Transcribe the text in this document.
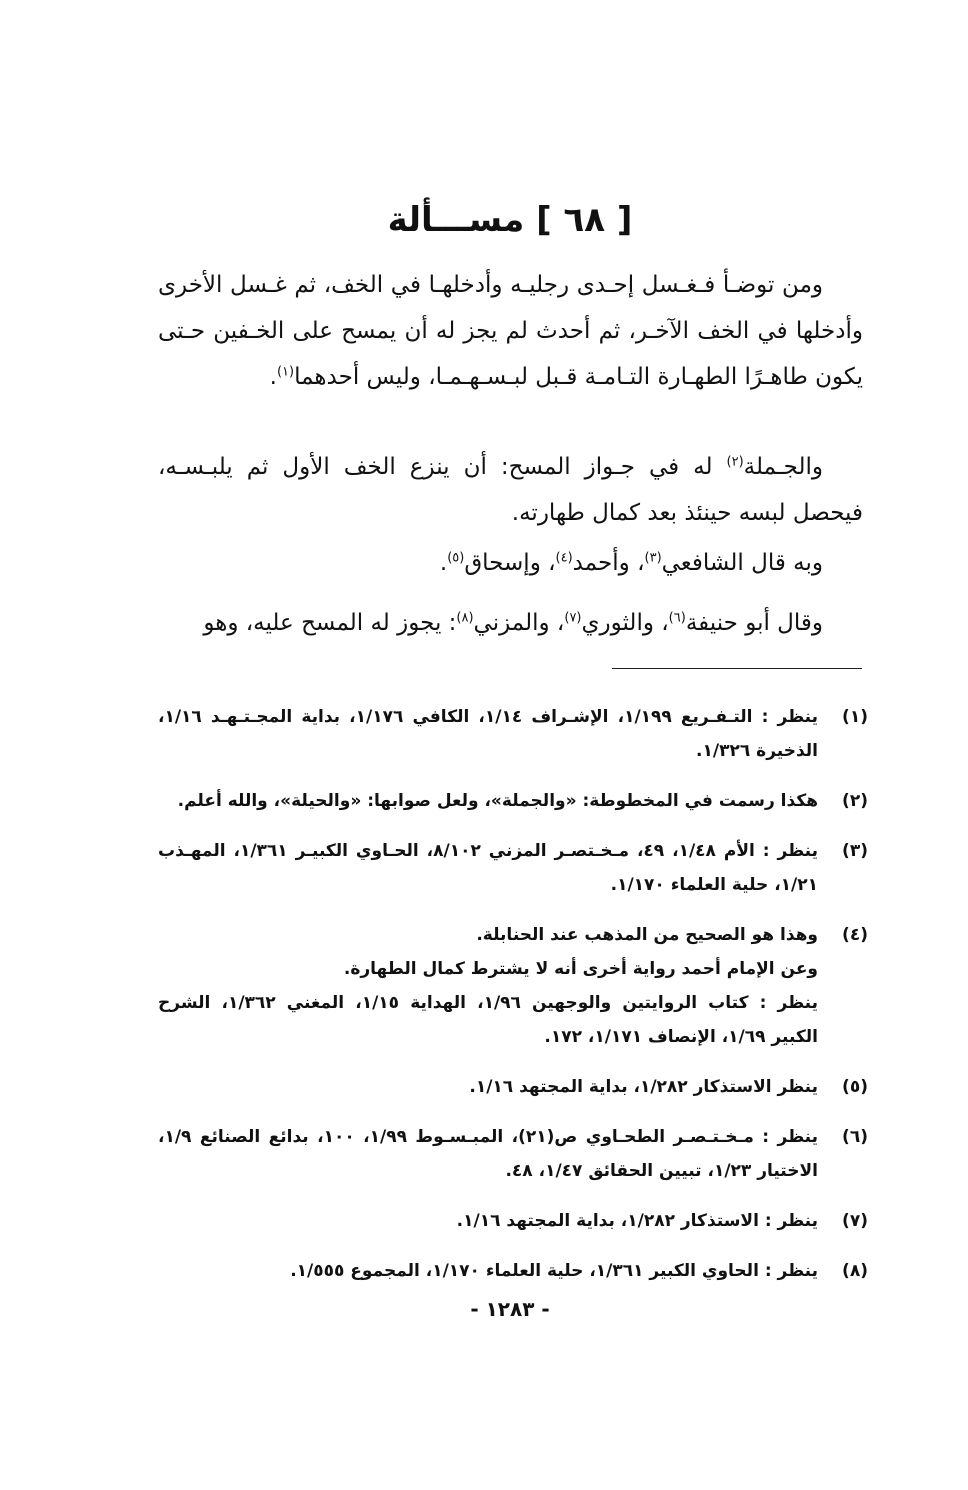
[ ٦٨ ] مســـألة

ومن توضـأ فـغـسل إحـدى رجليـه وأدخلهـا في الخف، ثم غـسل الأخرى وأدخلها في الخف الآخـر، ثم أحدث لم يجز له أن يمسح على الخـفين حـتى يكون طاهـرًا الطهـارة التـامـة قـبل لبـسـهـمـا، وليس أحدهما$^{(١)}$.

والجـملة$^{(٢)}$ له في جـواز المسح: أن ينزع الخف الأول ثم يلبـسـه، فيحصل لبسه حينئذ بعد كمال طهارته.

وبه قال الشافعي$^{(٣)}$، وأحمد$^{(٤)}$، وإسحاق$^{(٥)}$.

وقال أبو حنيفة$^{(٦)}$، والثوري$^{(٧)}$، والمزني$^{(٨)}$: يجوز له المسح عليه، وهو

(١)
ينظر : التـفـريع ١/١٩٩، الإشـراف ١/١٤، الكافي ١/١٧٦، بداية المجـتـهـد ١/١٦، الذخيرة ١/٣٢٦.
(٢)
هكذا رسمت في المخطوطة: «والجملة»، ولعل صوابها: «والحيلة»، والله أعلم.
(٣)
ينظر : الأم ١/٤٨، ٤٩، مـخـتصـر المزني ٨/١٠٢، الحـاوي الكبيـر ١/٣٦١، المهـذب ١/٢١، حلية العلماء ١/١٧٠.
(٤)
وهذا هو الصحيح من المذهب عند الحنابلة.
وعن الإمام أحمد رواية أخرى أنه لا يشترط كمال الطهارة.
ينظر : كتاب الروايتين والوجهين ١/٩٦، الهداية ١/١٥، المغني ١/٣٦٢، الشرح الكبير ١/٦٩، الإنصاف ١/١٧١، ١٧٢.
(٥)
ينظر الاستذكار ١/٢٨٢، بداية المجتهد ١/١٦.
(٦)
ينظر : مـخـتـصـر الطحـاوي ص(٢١)، المبـسـوط ١/٩٩، ١٠٠، بدائع الصنائع ١/٩، الاختيار ١/٢٣، تبيين الحقائق ١/٤٧، ٤٨.
(٧)
ينظر : الاستذكار ١/٢٨٢، بداية المجتهد ١/١٦.
(٨)
ينظر : الحاوي الكبير ١/٣٦١، حلية العلماء ١/١٧٠، المجموع ١/٥٥٥.
- ١٢٨٣ -
